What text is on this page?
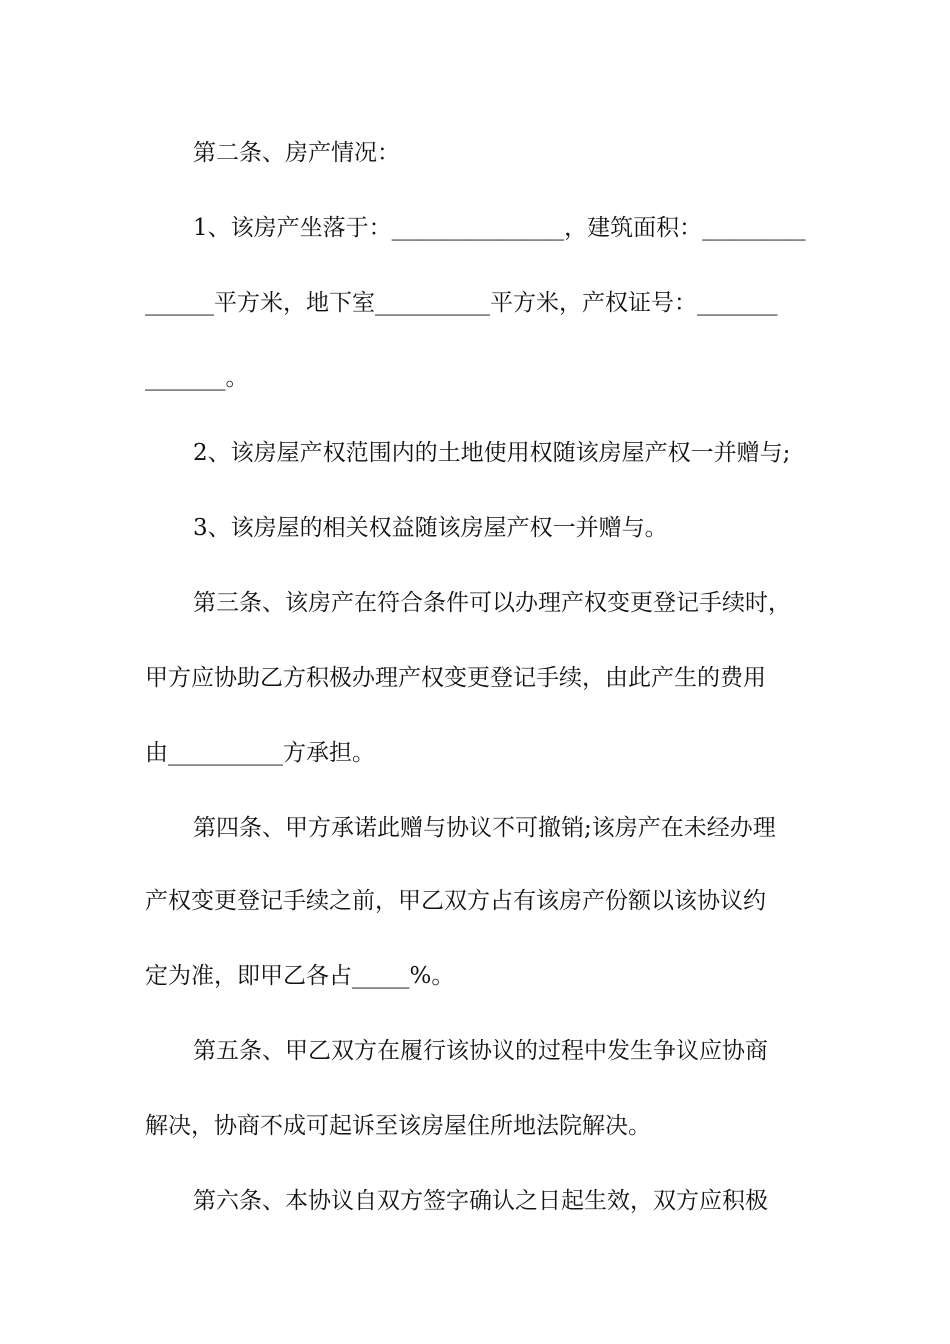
第二条、房产情况：
1、该房产坐落于：_______________，建筑面积：_________
______平方米，地下室__________平方米，产权证号：_______
_______。
2、该房屋产权范围内的土地使用权随该房屋产权一并赠与;
3、该房屋的相关权益随该房屋产权一并赠与。
第三条、该房产在符合条件可以办理产权变更登记手续时，
甲方应协助乙方积极办理产权变更登记手续，由此产生的费用
由__________方承担。
第四条、甲方承诺此赠与协议不可撤销;该房产在未经办理
产权变更登记手续之前，甲乙双方占有该房产份额以该协议约
定为准，即甲乙各占_____%。
第五条、甲乙双方在履行该协议的过程中发生争议应协商
解决，协商不成可起诉至该房屋住所地法院解决。
第六条、本协议自双方签字确认之日起生效，双方应积极
